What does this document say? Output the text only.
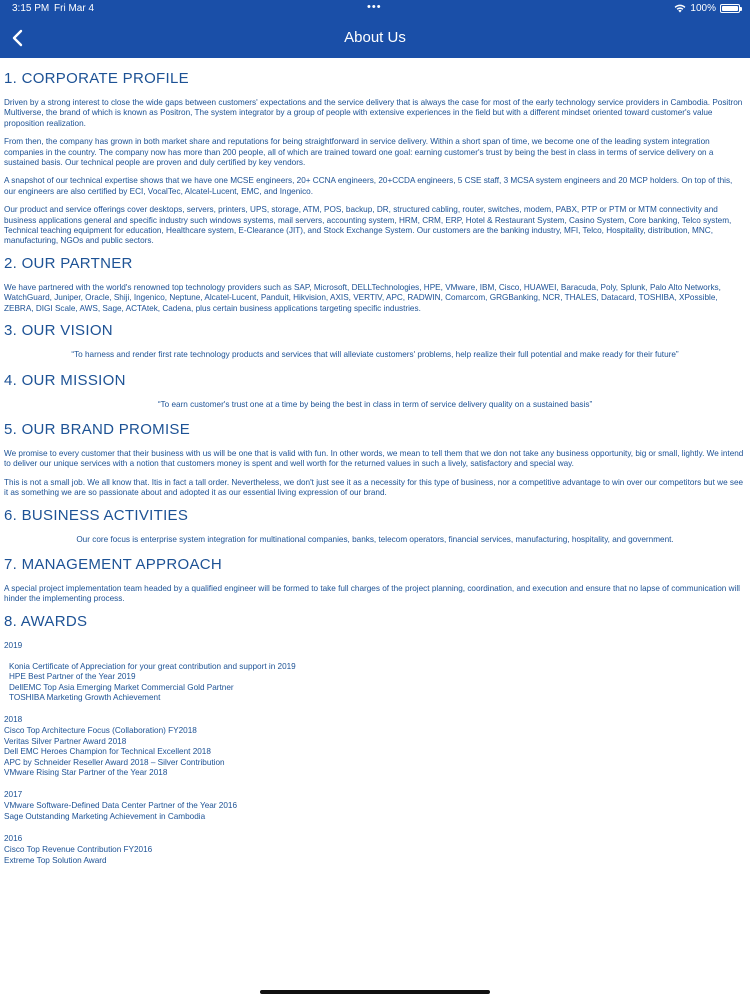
3:15 PM Fri Mar 4	•••	100%
About Us
1. CORPORATE PROFILE

Driven by a strong interest to close the wide gaps between customers' expectations and the service delivery that is always the case for most of the early technology service providers in Cambodia. Positron Multiverse, the brand of which is known as Positron, The system integrator by a group of people with extensive experiences in the field but with a different mindset oriented toward customer's value proposition realization.

From then, the company has grown in both market share and reputations for being straightforward in service delivery. Within a short span of time, we become one of the leading system integration companies in the country. The company now has more than 200 people, all of which are trained toward one goal: earning customer's trust by being the best in class in terms of service delivery on a sustained basis. Our technical people are proven and duly certified by key vendors.

A snapshot of our technical expertise shows that we have one MCSE engineers, 20+ CCNA engineers, 20+CCDA engineers, 5 CSE staff, 3 MCSA system engineers and 20 MCP holders. On top of this, our engineers are also certified by ECI, VocalTec, Alcatel-Lucent, EMC, and Ingenico.

Our product and service offerings cover desktops, servers, printers, UPS, storage, ATM, POS, backup, DR, structured cabling, router, switches, modem, PABX, PTP or PTM or MTM connectivity and business applications general and specific industry such windows systems, mail servers, accounting system, HRM, CRM, ERP, Hotel & Restaurant System, Casino System, Core banking, Telco system, Technical teaching equipment for education, Healthcare system, E-Clearance (JIT), and Stock Exchange System. Our customers are the banking industry, MFI, Telco, Hospitality, distribution, MNC, manufacturing, NGOs and public sectors.

2. OUR PARTNER

We have partnered with the world's renowned top technology providers such as SAP, Microsoft, DELLTechnologies, HPE, VMware, IBM, Cisco, HUAWEI, Baracuda, Poly, Splunk, Palo Alto Networks, WatchGuard, Juniper, Oracle, Shiji, Ingenico, Neptune, Alcatel-Lucent, Panduit, Hikvision, AXIS, VERTIV, APC, RADWIN, Comarcom, GRGBanking, NCR, THALES, Datacard, TOSHIBA, XPossible, ZEBRA, DIGI Scale, AWS, Sage, ACTAtek, Cadena, plus certain business applications targeting specific industries.

3. OUR VISION

“To harness and render first rate technology products and services that will alleviate customers' problems, help realize their full potential and make ready for their future”

4. OUR MISSION

“To earn customer's trust one at a time by being the best in class in term of service delivery quality on a sustained basis”

5. OUR BRAND PROMISE

We promise to every customer that their business with us will be one that is valid with fun. In other words, we mean to tell them that we don not take any business opportunity, big or small, lightly. We intend to deliver our unique services with a notion that customers money is spent and well worth for the returned values in such a lively, satisfactory and special way.

This is not a small job. We all know that. Itis in fact a tall order. Nevertheless, we don't just see it as a necessity for this type of business, nor a competitive advantage to win over our competitors but we see it as something we are so passionate about and adopted it as our essential living expression of our brand.

6. BUSINESS ACTIVITIES

Our core focus is enterprise system integration for multinational companies, banks, telecom operators, financial services, manufacturing, hospitality, and government.

7. MANAGEMENT APPROACH

A special project implementation team headed by a qualified engineer will be formed to take full charges of the project planning, coordination, and execution and ensure that no lapse of communication will hinder the implementing process.

8. AWARDS
2019
Konia Certificate of Appreciation for your great contribution and support in 2019
HPE Best Partner of the Year 2019
DellEMC Top Asia Emerging Market Commercial Gold Partner
TOSHIBA Marketing Growth Achievement
2018
Cisco Top Architecture Focus (Collaboration) FY2018
Veritas Silver Partner Award 2018
Dell EMC Heroes Champion for Technical Excellent 2018
APC by Schneider Reseller Award 2018 – Silver Contribution
VMware Rising Star Partner of the Year 2018
2017
VMware Software-Defined Data Center Partner of the Year 2016
Sage Outstanding Marketing Achievement in Cambodia
2016
Cisco Top Revenue Contribution FY2016
Extreme Top Solution Award
